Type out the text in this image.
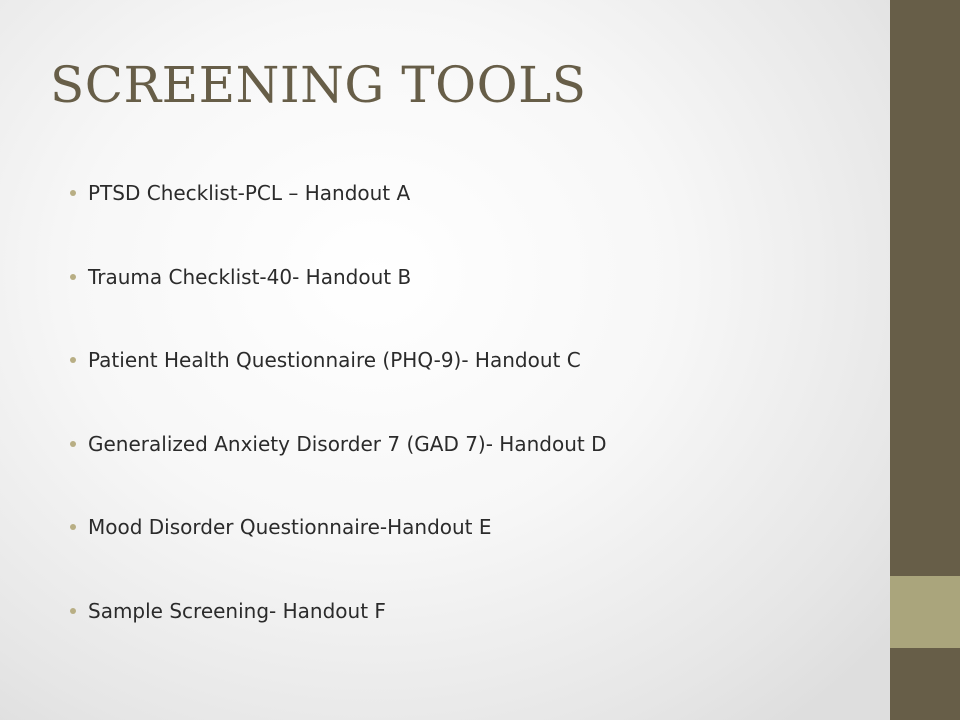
SCREENING TOOLS
PTSD Checklist-PCL – Handout A
Trauma Checklist-40- Handout B
Patient Health Questionnaire (PHQ-9)- Handout C
Generalized Anxiety Disorder 7 (GAD 7)- Handout D
Mood Disorder Questionnaire-Handout E
Sample Screening- Handout F
